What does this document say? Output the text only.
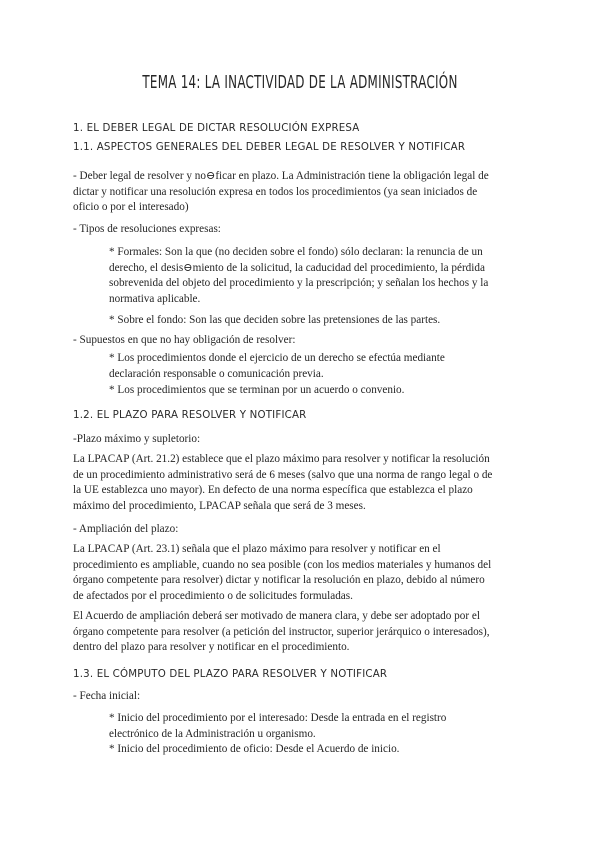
TEMA 14: LA INACTIVIDAD DE LA ADMINISTRACIÓN
1. EL DEBER LEGAL DE DICTAR RESOLUCIÓN EXPRESA
1.1. ASPECTOS GENERALES DEL DEBER LEGAL DE RESOLVER Y NOTIFICAR
- Deber legal de resolver y no⊖ficar en plazo. La Administración tiene la obligación legal de
dictar y notificar una resolución expresa en todos los procedimientos (ya sean iniciados de
oficio o por el interesado)
- Tipos de resoluciones expresas:
* Formales: Son la que (no deciden sobre el fondo) sólo declaran: la renuncia de un
derecho, el desis⊖miento de la solicitud, la caducidad del procedimiento, la pérdida
sobrevenida del objeto del procedimiento y la prescripción; y señalan los hechos y la
normativa aplicable.
* Sobre el fondo: Son las que deciden sobre las pretensiones de las partes.
- Supuestos en que no hay obligación de resolver:
* Los procedimientos donde el ejercicio de un derecho se efectúa mediante
declaración responsable o comunicación previa.
* Los procedimientos que se terminan por un acuerdo o convenio.
1.2. EL PLAZO PARA RESOLVER Y NOTIFICAR
-Plazo máximo y supletorio:
La LPACAP (Art. 21.2) establece que el plazo máximo para resolver y notificar la resolución
de un procedimiento administrativo será de 6 meses (salvo que una norma de rango legal o de
la UE establezca uno mayor). En defecto de una norma específica que establezca el plazo
máximo del procedimiento, LPACAP señala que será de 3 meses.
- Ampliación del plazo:
La LPACAP (Art. 23.1) señala que el plazo máximo para resolver y notificar en el
procedimiento es ampliable, cuando no sea posible (con los medios materiales y humanos del
órgano competente para resolver) dictar y notificar la resolución en plazo, debido al número
de afectados por el procedimiento o de solicitudes formuladas.
El Acuerdo de ampliación deberá ser motivado de manera clara, y debe ser adoptado por el
órgano competente para resolver (a petición del instructor, superior jerárquico o interesados),
dentro del plazo para resolver y notificar en el procedimiento.
1.3. EL CÓMPUTO DEL PLAZO PARA RESOLVER Y NOTIFICAR
- Fecha inicial:
* Inicio del procedimiento por el interesado: Desde la entrada en el registro
electrónico de la Administración u organismo.
* Inicio del procedimiento de oficio: Desde el Acuerdo de inicio.
